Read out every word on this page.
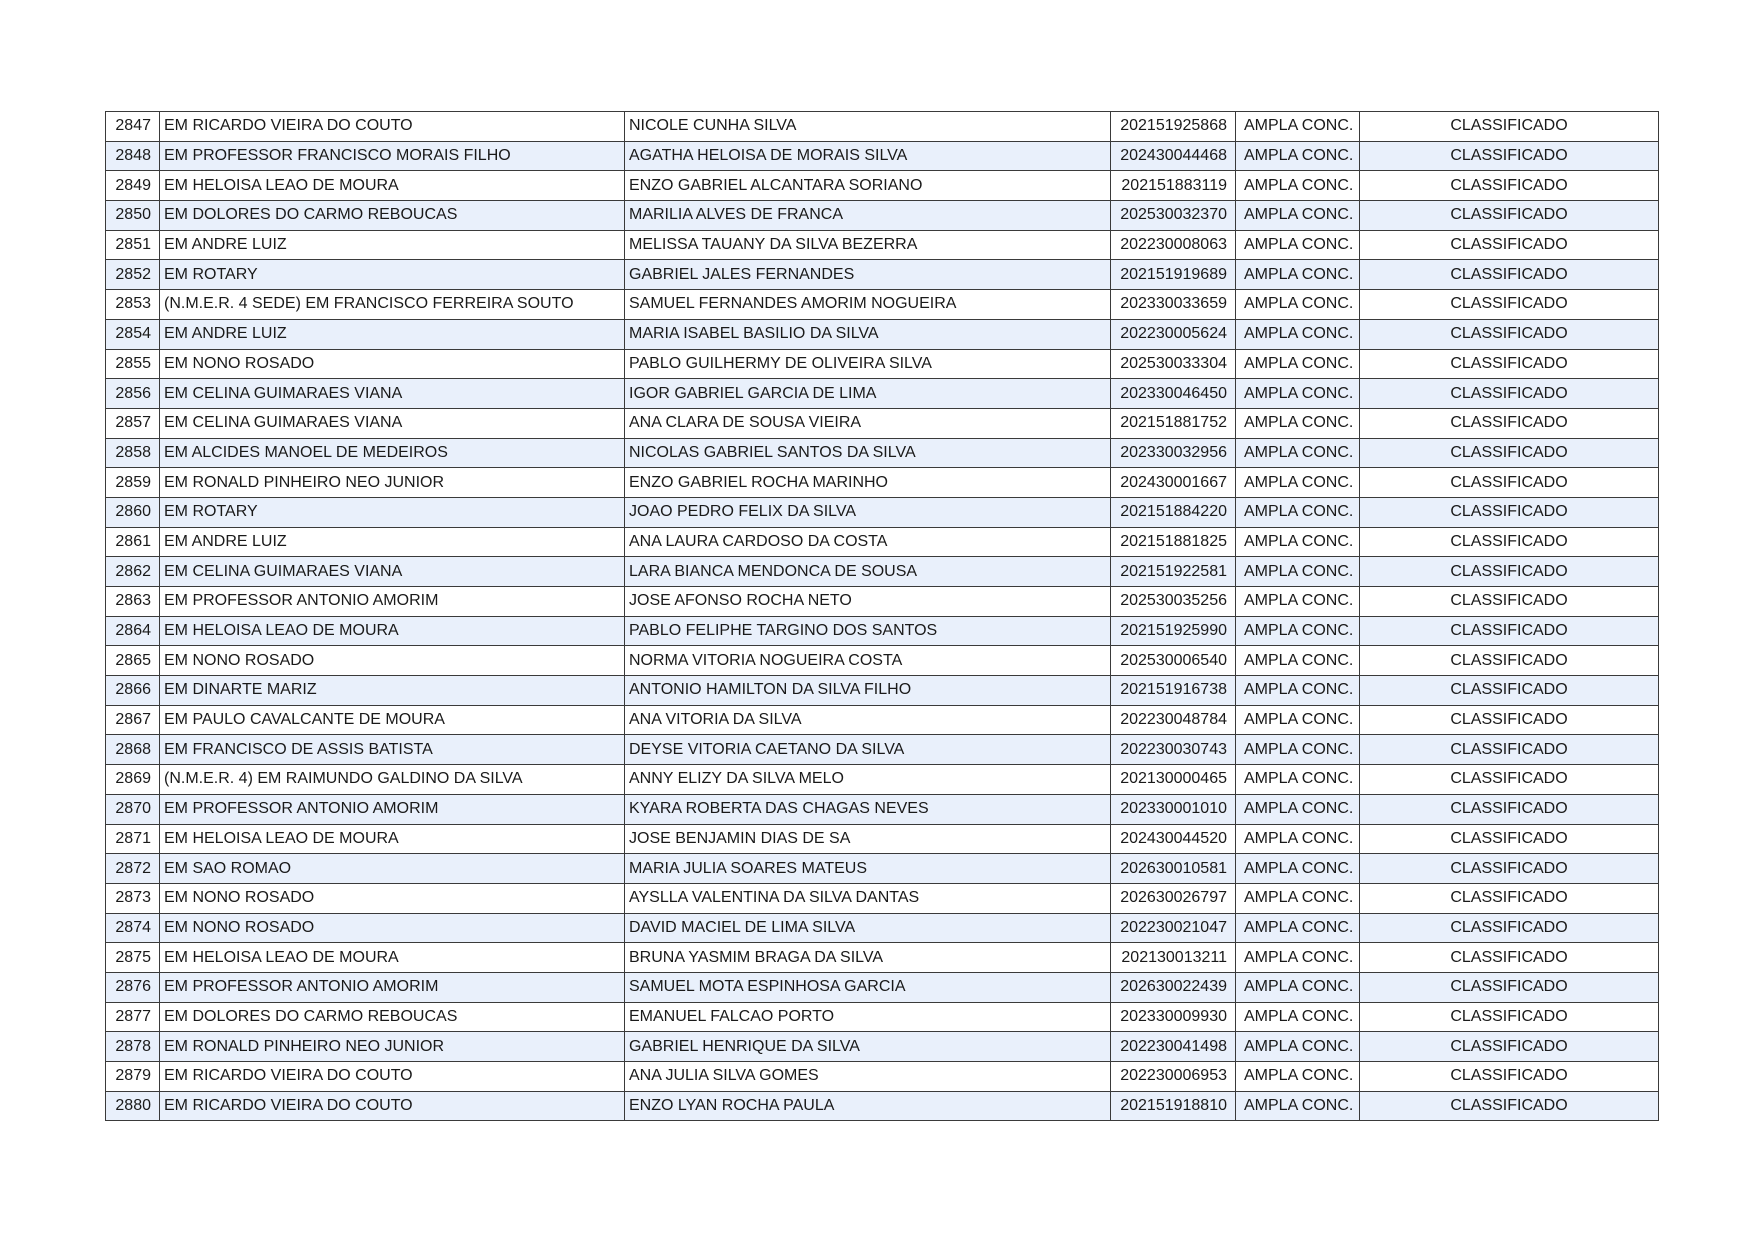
2847	EM RICARDO VIEIRA DO COUTO	NICOLE CUNHA SILVA	202151925868	AMPLA CONC.	CLASSIFICADO
2848	EM PROFESSOR FRANCISCO MORAIS FILHO	AGATHA HELOISA DE MORAIS SILVA	202430044468	AMPLA CONC.	CLASSIFICADO
2849	EM HELOISA LEAO DE MOURA	ENZO GABRIEL ALCANTARA SORIANO	202151883119	AMPLA CONC.	CLASSIFICADO
2850	EM DOLORES DO CARMO REBOUCAS	MARILIA ALVES DE FRANCA	202530032370	AMPLA CONC.	CLASSIFICADO
2851	EM ANDRE LUIZ	MELISSA TAUANY DA SILVA BEZERRA	202230008063	AMPLA CONC.	CLASSIFICADO
2852	EM ROTARY	GABRIEL JALES FERNANDES	202151919689	AMPLA CONC.	CLASSIFICADO
2853	(N.M.E.R. 4 SEDE) EM FRANCISCO FERREIRA SOUTO	SAMUEL FERNANDES AMORIM NOGUEIRA	202330033659	AMPLA CONC.	CLASSIFICADO
2854	EM ANDRE LUIZ	MARIA ISABEL BASILIO DA SILVA	202230005624	AMPLA CONC.	CLASSIFICADO
2855	EM NONO ROSADO	PABLO GUILHERMY DE OLIVEIRA SILVA	202530033304	AMPLA CONC.	CLASSIFICADO
2856	EM CELINA GUIMARAES VIANA	IGOR GABRIEL GARCIA DE LIMA	202330046450	AMPLA CONC.	CLASSIFICADO
2857	EM CELINA GUIMARAES VIANA	ANA CLARA DE SOUSA VIEIRA	202151881752	AMPLA CONC.	CLASSIFICADO
2858	EM ALCIDES MANOEL DE MEDEIROS	NICOLAS GABRIEL SANTOS DA SILVA	202330032956	AMPLA CONC.	CLASSIFICADO
2859	EM RONALD PINHEIRO NEO JUNIOR	ENZO GABRIEL ROCHA MARINHO	202430001667	AMPLA CONC.	CLASSIFICADO
2860	EM ROTARY	JOAO PEDRO FELIX DA SILVA	202151884220	AMPLA CONC.	CLASSIFICADO
2861	EM ANDRE LUIZ	ANA LAURA CARDOSO DA COSTA	202151881825	AMPLA CONC.	CLASSIFICADO
2862	EM CELINA GUIMARAES VIANA	LARA BIANCA MENDONCA DE SOUSA	202151922581	AMPLA CONC.	CLASSIFICADO
2863	EM PROFESSOR ANTONIO AMORIM	JOSE AFONSO ROCHA NETO	202530035256	AMPLA CONC.	CLASSIFICADO
2864	EM HELOISA LEAO DE MOURA	PABLO FELIPHE TARGINO DOS SANTOS	202151925990	AMPLA CONC.	CLASSIFICADO
2865	EM NONO ROSADO	NORMA VITORIA NOGUEIRA COSTA	202530006540	AMPLA CONC.	CLASSIFICADO
2866	EM DINARTE MARIZ	ANTONIO HAMILTON DA SILVA FILHO	202151916738	AMPLA CONC.	CLASSIFICADO
2867	EM PAULO CAVALCANTE DE MOURA	ANA VITORIA DA SILVA	202230048784	AMPLA CONC.	CLASSIFICADO
2868	EM FRANCISCO DE ASSIS BATISTA	DEYSE VITORIA CAETANO DA SILVA	202230030743	AMPLA CONC.	CLASSIFICADO
2869	(N.M.E.R. 4) EM RAIMUNDO GALDINO DA SILVA	ANNY ELIZY DA SILVA MELO	202130000465	AMPLA CONC.	CLASSIFICADO
2870	EM PROFESSOR ANTONIO AMORIM	KYARA ROBERTA DAS CHAGAS NEVES	202330001010	AMPLA CONC.	CLASSIFICADO
2871	EM HELOISA LEAO DE MOURA	JOSE BENJAMIN DIAS DE SA	202430044520	AMPLA CONC.	CLASSIFICADO
2872	EM SAO ROMAO	MARIA JULIA SOARES MATEUS	202630010581	AMPLA CONC.	CLASSIFICADO
2873	EM NONO ROSADO	AYSLLA VALENTINA DA SILVA DANTAS	202630026797	AMPLA CONC.	CLASSIFICADO
2874	EM NONO ROSADO	DAVID MACIEL DE LIMA SILVA	202230021047	AMPLA CONC.	CLASSIFICADO
2875	EM HELOISA LEAO DE MOURA	BRUNA YASMIM BRAGA DA SILVA	202130013211	AMPLA CONC.	CLASSIFICADO
2876	EM PROFESSOR ANTONIO AMORIM	SAMUEL MOTA ESPINHOSA GARCIA	202630022439	AMPLA CONC.	CLASSIFICADO
2877	EM DOLORES DO CARMO REBOUCAS	EMANUEL FALCAO PORTO	202330009930	AMPLA CONC.	CLASSIFICADO
2878	EM RONALD PINHEIRO NEO JUNIOR	GABRIEL HENRIQUE DA SILVA	202230041498	AMPLA CONC.	CLASSIFICADO
2879	EM RICARDO VIEIRA DO COUTO	ANA JULIA SILVA GOMES	202230006953	AMPLA CONC.	CLASSIFICADO
2880	EM RICARDO VIEIRA DO COUTO	ENZO LYAN ROCHA PAULA	202151918810	AMPLA CONC.	CLASSIFICADO
